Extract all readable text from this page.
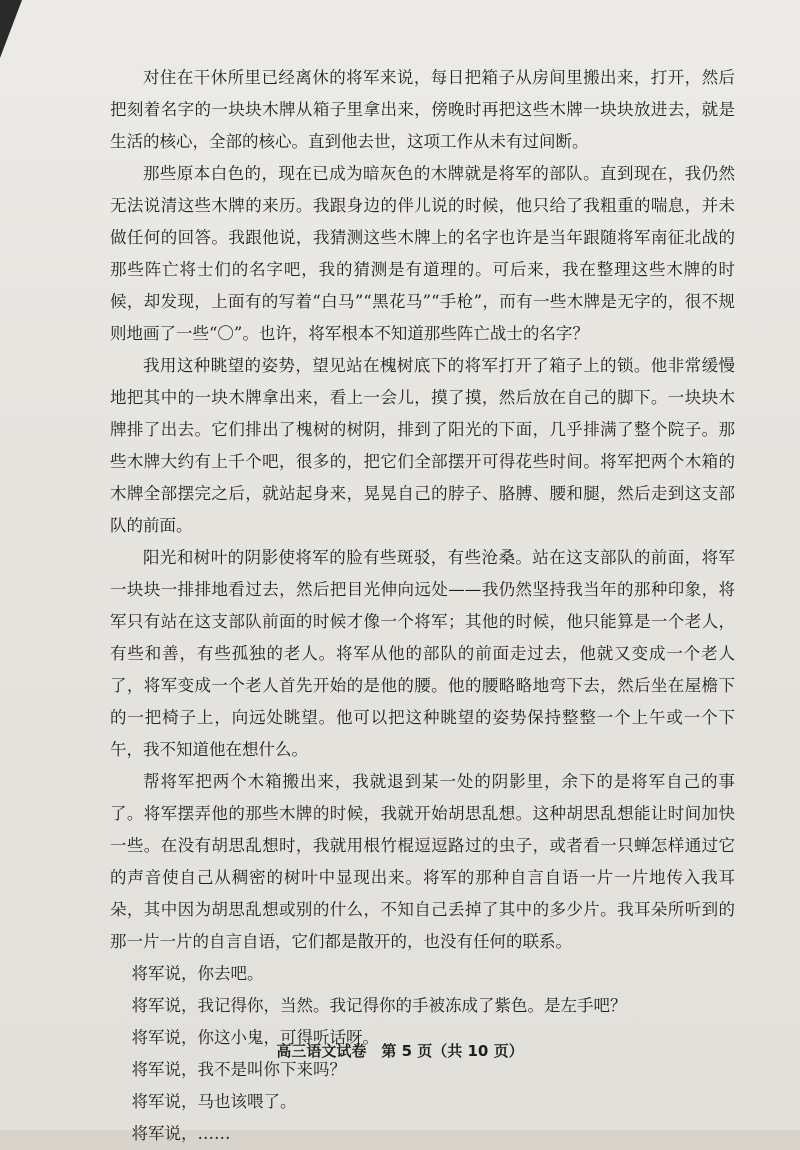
对住在干休所里已经离休的将军来说，每日把箱子从房间里搬出来，打开，然后把刻着名字的一块块木牌从箱子里拿出来，傍晚时再把这些木牌一块块放进去，就是生活的核心，全部的核心。直到他去世，这项工作从未有过间断。

那些原本白色的，现在已成为暗灰色的木牌就是将军的部队。直到现在，我仍然无法说清这些木牌的来历。我跟身边的伴儿说的时候，他只给了我粗重的喘息，并未做任何的回答。我跟他说，我猜测这些木牌上的名字也许是当年跟随将军南征北战的那些阵亡将士们的名字吧，我的猜测是有道理的。可后来，我在整理这些木牌的时候，却发现，上面有的写着“白马”“黑花马”“手枪”，而有一些木牌是无字的，很不规则地画了一些“〇”。也许，将军根本不知道那些阵亡战士的名字？

我用这种眺望的姿势，望见站在槐树底下的将军打开了箱子上的锁。他非常缓慢地把其中的一块木牌拿出来，看上一会儿，摸了摸，然后放在自己的脚下。一块块木牌排了出去。它们排出了槐树的树阴，排到了阳光的下面，几乎排满了整个院子。那些木牌大约有上千个吧，很多的，把它们全部摆开可得花些时间。将军把两个木箱的木牌全部摆完之后，就站起身来，晃晃自己的脖子、胳膊、腰和腿，然后走到这支部队的前面。

阳光和树叶的阴影使将军的脸有些斑驳，有些沧桑。站在这支部队的前面，将军一块块一排排地看过去，然后把目光伸向远处——我仍然坚持我当年的那种印象，将军只有站在这支部队前面的时候才像一个将军；其他的时候，他只能算是一个老人，有些和善，有些孤独的老人。将军从他的部队的前面走过去，他就又变成一个老人了，将军变成一个老人首先开始的是他的腰。他的腰略略地弯下去，然后坐在屋檐下的一把椅子上，向远处眺望。他可以把这种眺望的姿势保持整整一个上午或一个下午，我不知道他在想什么。

帮将军把两个木箱搬出来，我就退到某一处的阴影里，余下的是将军自己的事了。将军摆弄他的那些木牌的时候，我就开始胡思乱想。这种胡思乱想能让时间加快一些。在没有胡思乱想时，我就用根竹棍逗逗路过的虫子，或者看一只蝉怎样通过它的声音使自己从稠密的树叶中显现出来。将军的那种自言自语一片一片地传入我耳朵，其中因为胡思乱想或别的什么，不知自己丢掉了其中的多少片。我耳朵所听到的那一片一片的自言自语，它们都是散开的，也没有任何的联系。

将军说，你去吧。

将军说，我记得你，当然。我记得你的手被冻成了紫色。是左手吧？

将军说，你这小鬼，可得听话呀。

将军说，我不是叫你下来吗？

将军说，马也该喂了。

将军说，……

高三语文试卷　第 5 页（共 10 页）
